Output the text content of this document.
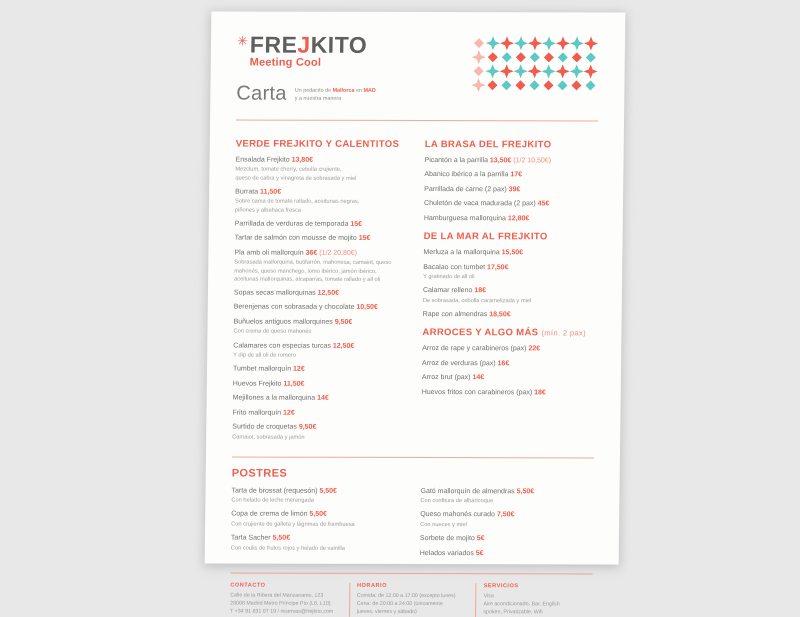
✳ FREJKITO
Meeting Cool
Carta Un pedacito de Mallorca en MAD
y a nuestra manera
VERDE FREJKITO Y CALENTITOS
Ensalada Frejkito 13,80€
Mezclum, tomate cherry, cebolla crujiente,
queso de cabra y vinagreta de sobrasada y miel
Burrata 11,50€
Sobre cama de tomate rallado, aceitunas negras,
piñones y albahaca fresca
Parrillada de verduras de temporada 15€
Tartar de salmón con mousse de mojito 15€
Pla amb oli mallorquín 36€ (1/2 20,80€)
Sobrasada mallorquina, butifarrón, mahonesa, camaiot, queso
mahonés, queso manchego, lomo ibérico, jamón ibérico,
aceitunas mallorquinas, alcaparras, tomate rallado y all oli
Sopas secas mallorquinas 12,50€
Berenjenas con sobrasada y chocolate 10,50€
Buñuelos antiguos mallorquines 9,50€
Con crema de queso mahonés
Calamares con especias turcas 12,50€
Y dip de all oli de romero
Tumbet mallorquín 12€
Huevos Frejkito 11,50€
Mejillones a la mallorquina 14€
Frito mallorquín 12€
Surtido de croquetas 9,50€
Camaiot, sobrasada y jamón
LA BRASA DEL FREJKITO
Picantón a la parrilla 13,50€ (1/2 10,50€)
Abanico ibérico a la parrilla 17€
Parrillada de carne (2 pax) 39€
Chuletón de vaca madurada (2 pax) 45€
Hamburguesa mallorquina 12,80€
DE LA MAR AL FREJKITO
Merluza a la mallorquina 15,50€
Bacalao con tumbet 17,50€
Y gratinado de all oli
Calamar relleno 18€
De sobrasada, cebolla caramelizada y miel
Rape con almendras 18,50€
ARROCES Y ALGO MÁS (mín. 2 pax)
Arroz de rape y carabineros (pax) 22€
Arroz de verduras (pax) 16€
Arroz brut (pax) 14€
Huevos fritos con carabineros (pax) 18€
POSTRES
Tarta de brossat (requesón) 5,50€
Con helado de leche merengada
Copa de crema de limón 5,50€
Con crujiente de galleta y lágrimas de frambuesa
Tarta Sacher 5,50€
Con coulis de frutos rojos y helado de vainilla
Gató mallorquín de almendras 5,50€
Con confitura de albaricoque
Queso mahonés curado 7,50€
Con nueces y miel
Sorbete de mojito 5€
Helados variados 5€
CONTACTO
Calle de la Ribera del Manzanares, 123
28008 Madrid Metro Príncipe Pío (L6, L10)
T +34 91 831 07 19 / reservas@frejkito.com
HORARIO
Comida: de 12:00 a 17:00 (excepto lunes)
Cena: de 20:00 a 24:00 (únicamente
jueves, viernes y sábado)
SERVICIOS
Visa
Aire acondicionado, Bar, English
spoken, Privatizable, Wifi
